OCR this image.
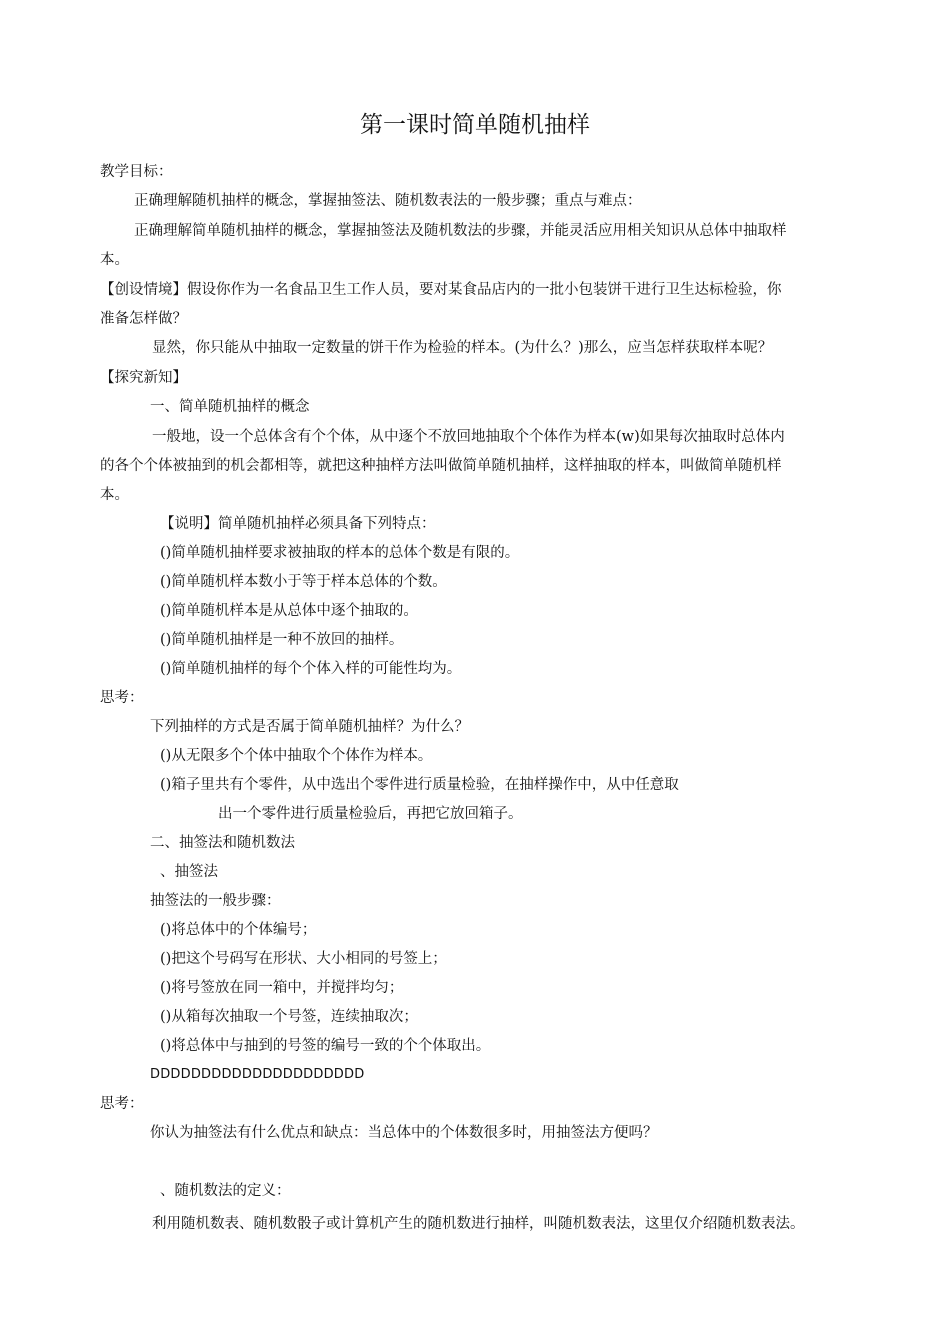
第一课时简单随机抽样

教学目标：

正确理解随机抽样的概念，掌握抽签法、随机数表法的一般步骤；重点与难点：

正确理解简单随机抽样的概念，掌握抽签法及随机数法的步骤，并能灵活应用相关知识从总体中抽取样

本。

【创设情境】假设你作为一名食品卫生工作人员，要对某食品店内的一批小包装饼干进行卫生达标检验，你

准备怎样做？

显然，你只能从中抽取一定数量的饼干作为检验的样本。(为什么？)那么，应当怎样获取样本呢？

【探究新知】

一、简单随机抽样的概念

一般地，设一个总体含有个个体，从中逐个不放回地抽取个个体作为样本(w)如果每次抽取时总体内

的各个个体被抽到的机会都相等，就把这种抽样方法叫做简单随机抽样，这样抽取的样本，叫做简单随机样

本。

【说明】简单随机抽样必须具备下列特点：

()简单随机抽样要求被抽取的样本的总体个数是有限的。

()简单随机样本数小于等于样本总体的个数。

()简单随机样本是从总体中逐个抽取的。

()简单随机抽样是一种不放回的抽样。

()简单随机抽样的每个个体入样的可能性均为。

思考：

下列抽样的方式是否属于简单随机抽样？为什么？

()从无限多个个体中抽取个个体作为样本。

()箱子里共有个零件，从中选出个零件进行质量检验，在抽样操作中，从中任意取

出一个零件进行质量检验后，再把它放回箱子。

二、抽签法和随机数法

、抽签法

抽签法的一般步骤：

()将总体中的个体编号；

()把这个号码写在形状、大小相同的号签上；

()将号签放在同一箱中，并搅拌均匀；

()从箱每次抽取一个号签，连续抽取次；

()将总体中与抽到的号签的编号一致的个个体取出。

DDDDDDDDDDDDDDDDDDDDD

思考：

你认为抽签法有什么优点和缺点：当总体中的个体数很多时，用抽签法方便吗？

、随机数法的定义：

利用随机数表、随机数骰子或计算机产生的随机数进行抽样，叫随机数表法，这里仅介绍随机数表法。
